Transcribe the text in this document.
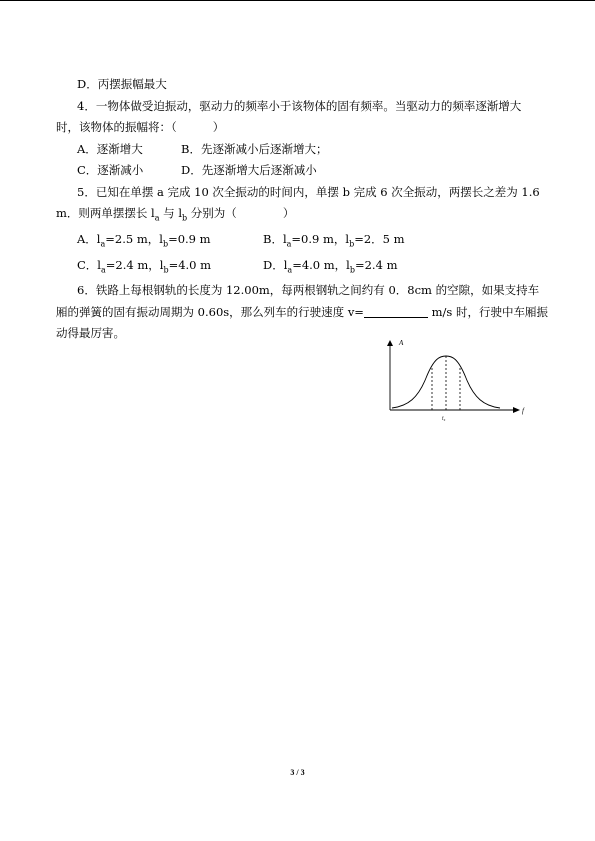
D．丙摆振幅最大
4．一物体做受迫振动，驱动力的频率小于该物体的固有频率。当驱动力的频率逐渐增大
时，该物体的振幅将：（	）
A．逐渐增大	B．先逐渐减小后逐渐增大；
C．逐渐减小	D．先逐渐增大后逐渐减小
5．已知在单摆 a 完成 10 次全振动的时间内，单摆 b 完成 6 次全振动，两摆长之差为 1.6
m．则两单摆摆长 $l_a$ 与 $l_b$ 分别为（	）
A．$l_a=2.5$ m，$l_b=0.9$ m	B．$l_a=0.9$ m，$l_b=2$．5 m
C．$l_a=2.4$ m，$l_b=4.0$ m	D．$l_a=4.0$ m，$l_b=2.4$ m
6．铁路上每根钢轨的长度为 12.00m，每两根钢轨之间约有 0．8cm 的空隙，如果支持车
厢的弹簧的固有振动周期为 0.60s，那么列车的行驶速度 v=	m/s 时，行驶中车厢振
动得最厉害。
A
f
f₀
3 / 3
